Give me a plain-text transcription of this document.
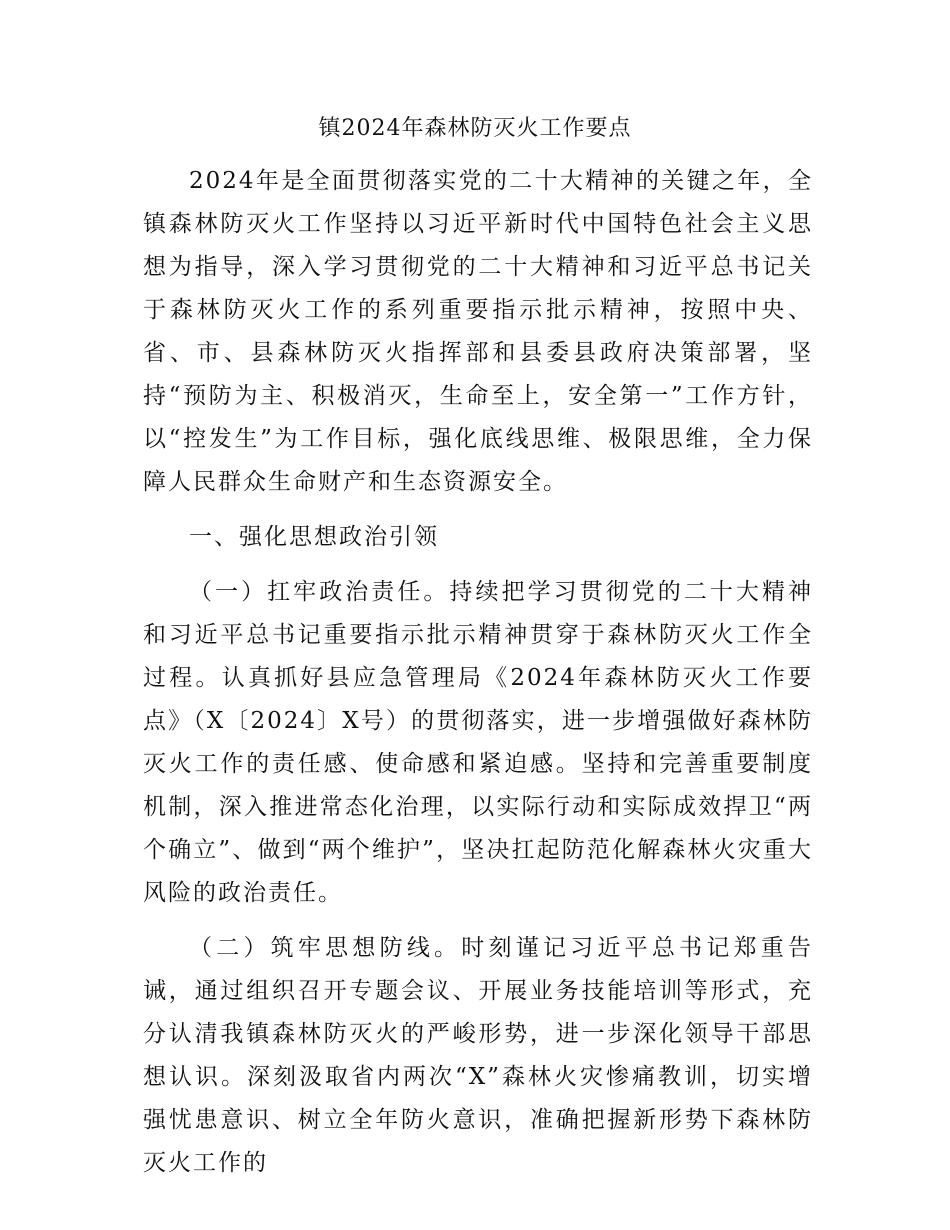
镇2024年森林防灭火工作要点

2024年是全面贯彻落实党的二十大精神的关键之年，全镇森林防灭火工作坚持以习近平新时代中国特色社会主义思想为指导，深入学习贯彻党的二十大精神和习近平总书记关于森林防灭火工作的系列重要指示批示精神，按照中央、省、市、县森林防灭火指挥部和县委县政府决策部署，坚持“预防为主、积极消灭，生命至上，安全第一”工作方针，以“控发生”为工作目标，强化底线思维、极限思维，全力保障人民群众生命财产和生态资源安全。

一、强化思想政治引领

（一）扛牢政治责任。持续把学习贯彻党的二十大精神和习近平总书记重要指示批示精神贯穿于森林防灭火工作全过程。认真抓好县应急管理局《2024年森林防灭火工作要点》（X〔2024〕X号）的贯彻落实，进一步增强做好森林防灭火工作的责任感、使命感和紧迫感。坚持和完善重要制度机制，深入推进常态化治理，以实际行动和实际成效捍卫“两个确立”、做到“两个维护”，坚决扛起防范化解森林火灾重大风险的政治责任。

（二）筑牢思想防线。时刻谨记习近平总书记郑重告诫，通过组织召开专题会议、开展业务技能培训等形式，充分认清我镇森林防灭火的严峻形势，进一步深化领导干部思想认识。深刻汲取省内两次“X”森林火灾惨痛教训，切实增强忧患意识、树立全年防火意识，准确把握新形势下森林防灭火工作的
